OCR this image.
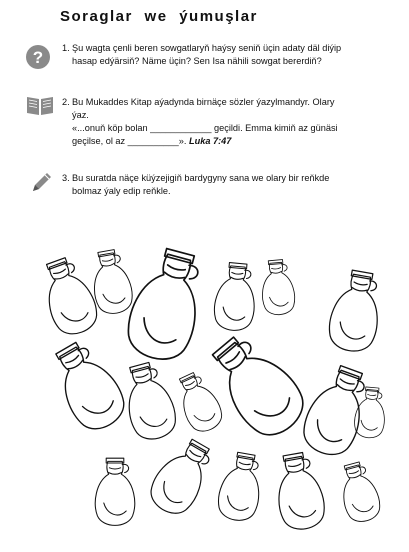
Soraglar we ýumuşlar
? 1. Şu wagta çenli beren sowgatlaryň haýsy seniň üçin adaty däl diýip
hasap edýärsiň? Näme üçin? Sen Isa nähili sowgat bererdiň?
2. Bu Mukaddes Kitap aýadynda birnäçe sözler ýazylmandyr. Olary
ýaz.
«...onuň köp bolan ____________ geçildi. Emma kimiň az günäsi
geçilse, ol az __________». Luka 7:47
3. Bu suratda näçe küýzejigiň bardygyny sana we olary bir reňkde
bolmaz ýaly edip reňkle.
